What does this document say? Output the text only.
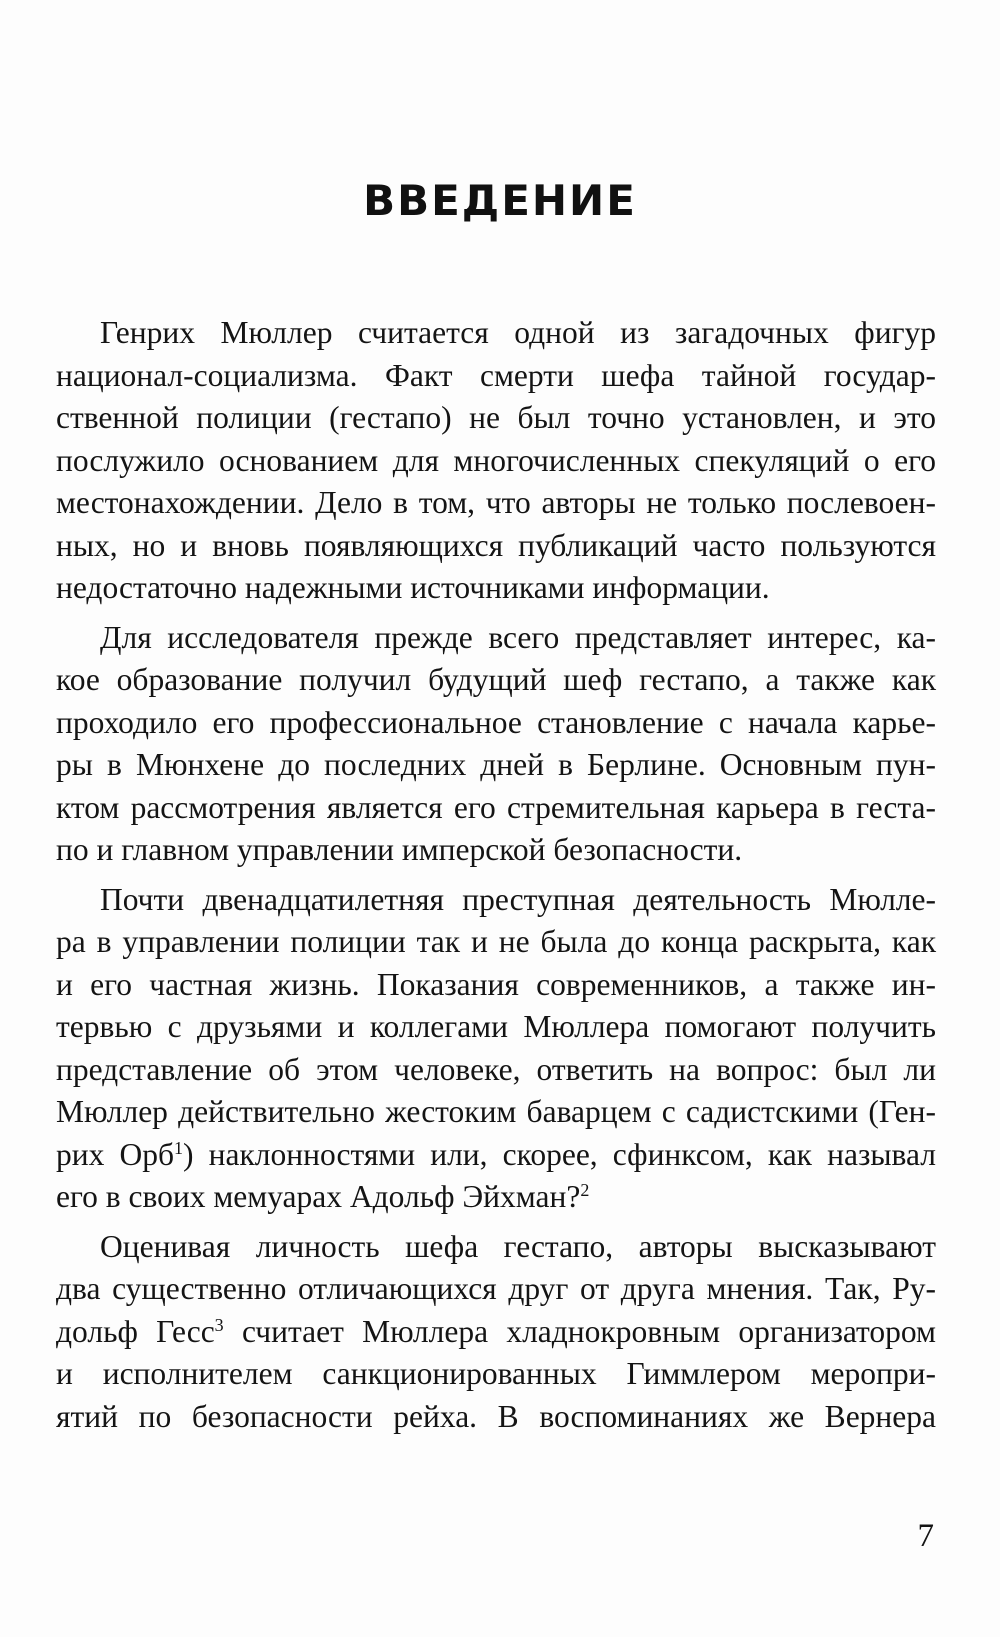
ВВЕДЕНИЕ

Генрих Мюллер считается одной из загадочных фигур
национал-социализма. Факт смерти шефа тайной государ-
ственной полиции (гестапо) не был точно установлен, и это
послужило основанием для многочисленных спекуляций о его
местонахождении. Дело в том, что авторы не только послевоен-
ных, но и вновь появляющихся публикаций часто пользуются
недостаточно надежными источниками информации.

Для исследователя прежде всего представляет интерес, ка-
кое образование получил будущий шеф гестапо, а также как
проходило его профессиональное становление с начала карье-
ры в Мюнхене до последних дней в Берлине. Основным пун-
ктом рассмотрения является его стремительная карьера в геста-
по и главном управлении имперской безопасности.

Почти двенадцатилетняя преступная деятельность Мюлле-
ра в управлении полиции так и не была до конца раскрыта, как
и его частная жизнь. Показания современников, а также ин-
тервью с друзьями и коллегами Мюллера помогают получить
представление об этом человеке, ответить на вопрос: был ли
Мюллер действительно жестоким баварцем с садистскими (Ген-
рих Орб$^1$) наклонностями или, скорее, сфинксом, как называл
его в своих мемуарах Адольф Эйхман?$^2$

Оценивая личность шефа гестапо, авторы высказывают
два существенно отличающихся друг от друга мнения. Так, Ру-
дольф Гесс$^3$ считает Мюллера хладнокровным организатором
и исполнителем санкционированных Гиммлером меропри-
ятий по безопасности рейха. В воспоминаниях же Вернера

7
